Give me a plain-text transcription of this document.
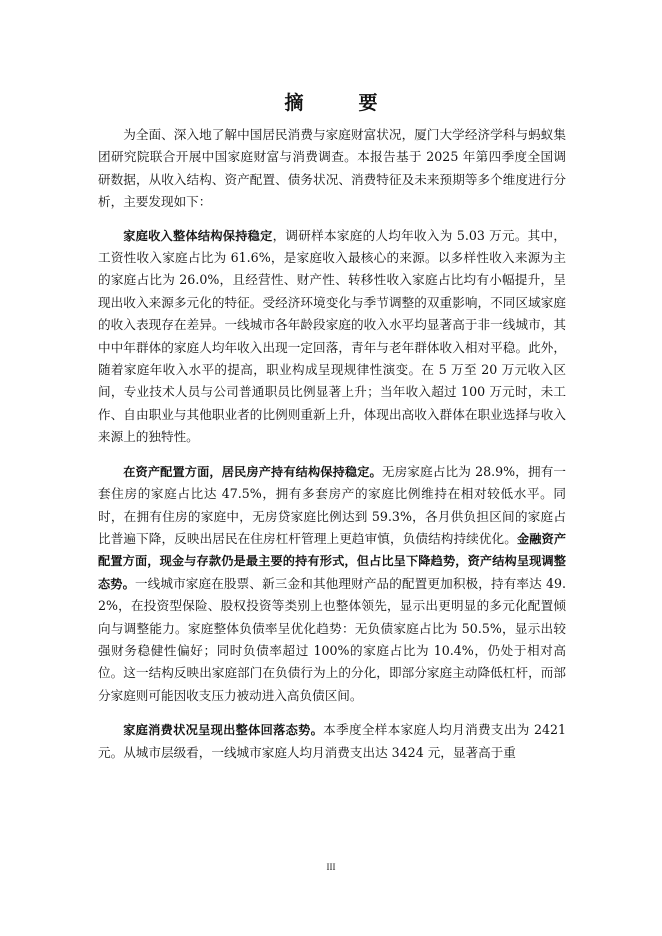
摘　要

为全面、深入地了解中国居民消费与家庭财富状况，厦门大学经济学科与蚂蚁集团研究院联合开展中国家庭财富与消费调查。本报告基于 2025 年第四季度全国调研数据，从收入结构、资产配置、债务状况、消费特征及未来预期等多个维度进行分析，主要发现如下：

家庭收入整体结构保持稳定，调研样本家庭的人均年收入为 5.03 万元。其中，工资性收入家庭占比为 61.6%，是家庭收入最核心的来源。以多样性收入来源为主的家庭占比为 26.0%，且经营性、财产性、转移性收入家庭占比均有小幅提升，呈现出收入来源多元化的特征。受经济环境变化与季节调整的双重影响，不同区域家庭的收入表现存在差异。一线城市各年龄段家庭的收入水平均显著高于非一线城市，其中中年群体的家庭人均年收入出现一定回落，青年与老年群体收入相对平稳。此外，随着家庭年收入水平的提高，职业构成呈现规律性演变。在 5 万至 20 万元收入区间，专业技术人员与公司普通职员比例显著上升；当年收入超过 100 万元时，未工作、自由职业与其他职业者的比例则重新上升，体现出高收入群体在职业选择与收入来源上的独特性。

在资产配置方面，居民房产持有结构保持稳定。无房家庭占比为 28.9%，拥有一套住房的家庭占比达 47.5%，拥有多套房产的家庭比例维持在相对较低水平。同时，在拥有住房的家庭中，无房贷家庭比例达到 59.3%，各月供负担区间的家庭占比普遍下降，反映出居民在住房杠杆管理上更趋审慎，负债结构持续优化。金融资产配置方面，现金与存款仍是最主要的持有形式，但占比呈下降趋势，资产结构呈现调整态势。一线城市家庭在股票、新三金和其他理财产品的配置更加积极，持有率达 49.2%，在投资型保险、股权投资等类别上也整体领先，显示出更明显的多元化配置倾向与调整能力。家庭整体负债率呈优化趋势：无负债家庭占比为 50.5%，显示出较强财务稳健性偏好；同时负债率超过 100%的家庭占比为 10.4%，仍处于相对高位。这一结构反映出家庭部门在负债行为上的分化，即部分家庭主动降低杠杆，而部分家庭则可能因收支压力被动进入高负债区间。

家庭消费状况呈现出整体回落态势。本季度全样本家庭人均月消费支出为 2421 元。从城市层级看，一线城市家庭人均月消费支出达 3424 元，显著高于重

III
